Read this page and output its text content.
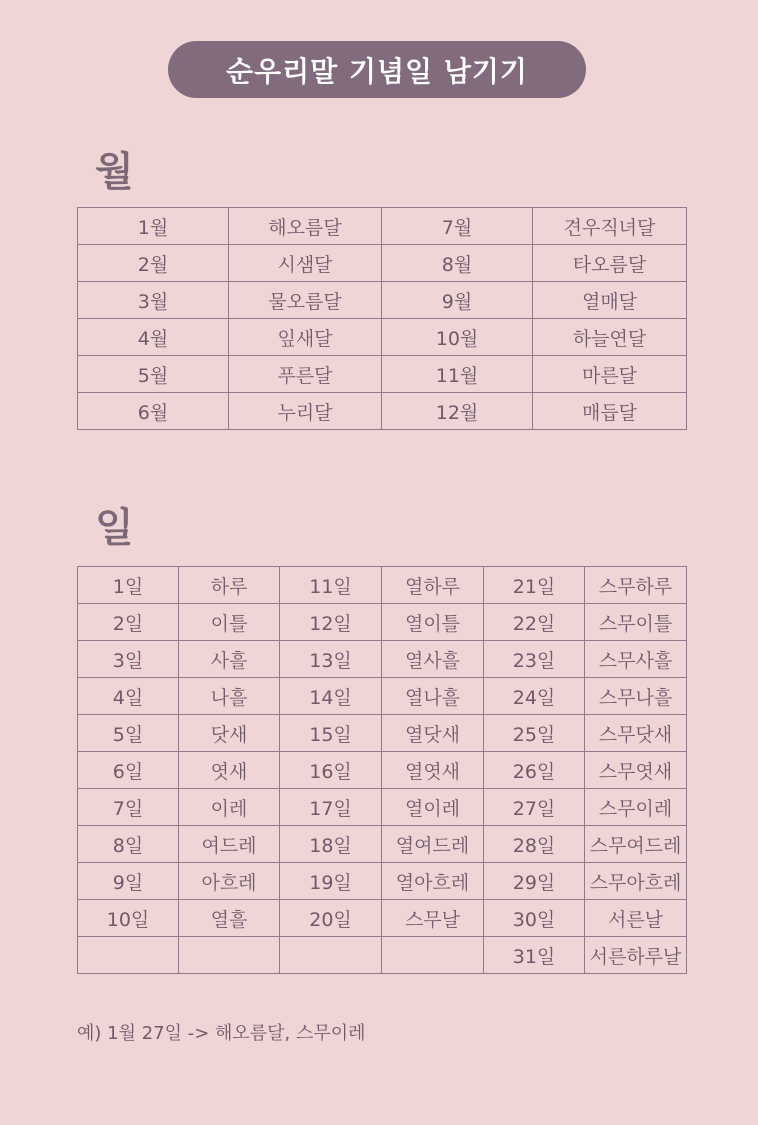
순우리말 기념일 남기기
월
1월	해오름달	7월	견우직녀달
2월	시샘달	8월	타오름달
3월	물오름달	9월	열매달
4월	잎새달	10월	하늘연달
5월	푸른달	11월	마른달
6월	누리달	12월	매듭달
일
1일	하루	11일	열하루	21일	스무하루
2일	이틀	12일	열이틀	22일	스무이틀
3일	사흘	13일	열사흘	23일	스무사흘
4일	나흘	14일	열나흘	24일	스무나흘
5일	닷새	15일	열닷새	25일	스무닷새
6일	엿새	16일	열엿새	26일	스무엿새
7일	이레	17일	열이레	27일	스무이레
8일	여드레	18일	열여드레	28일	스무여드레
9일	아흐레	19일	열아흐레	29일	스무아흐레
10일	열흘	20일	스무날	30일	서른날
				31일	서른하루날
예) 1월 27일 -> 해오름달, 스무이레
